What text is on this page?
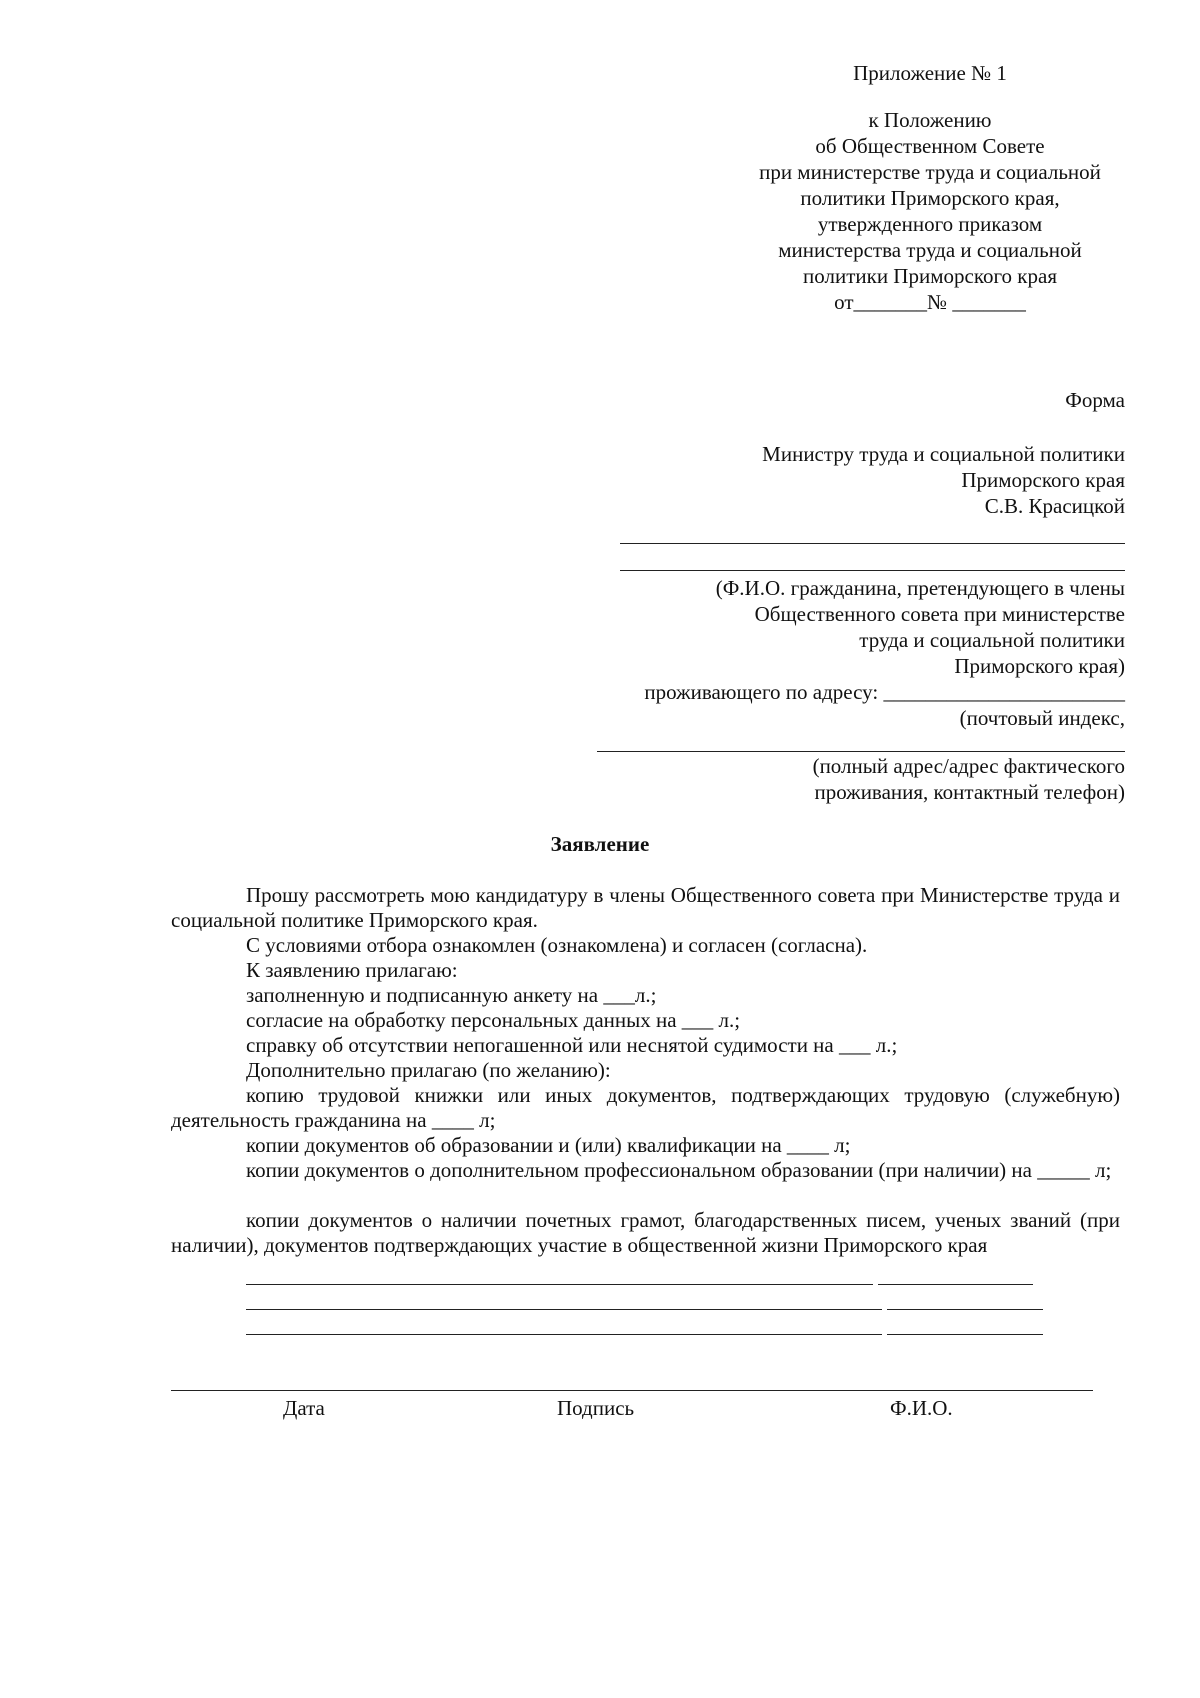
Приложение № 1
к Положению
об Общественном Совете
при министерстве труда и социальной
политики Приморского края,
утвержденного приказом
министерства труда и социальной
политики Приморского края
от_______№ _______
Форма
Министру труда и социальной политики
Приморского края
С.В. Красицкой
(Ф.И.О. гражданина, претендующего в члены
Общественного совета при министерстве
труда и социальной политики
Приморского края)
проживающего по адресу: _______________________
(почтовый индекс,
(полный адрес/адрес фактического
проживания, контактный телефон)
Заявление
Прошу рассмотреть мою кандидатуру в члены Общественного совета при Министерстве труда и социальной политике Приморского края.
С условиями отбора ознакомлен (ознакомлена) и согласен (согласна).
К заявлению прилагаю:
заполненную и подписанную анкету на ___л.;
согласие на обработку персональных данных на ___ л.;
справку об отсутствии непогашенной или неснятой судимости на ___ л.;
Дополнительно прилагаю (по желанию):
копию трудовой книжки или иных документов, подтверждающих трудовую (служебную) деятельность гражданина на ____ л;
копии документов об образовании и (или) квалификации на ____ л;
копии документов о дополнительном профессиональном образовании (при наличии) на _____ л;
копии документов о наличии почетных грамот, благодарственных писем, ученых званий (при наличии), документов подтверждающих участие в общественной жизни Приморского края
Дата	Подпись	Ф.И.О.
